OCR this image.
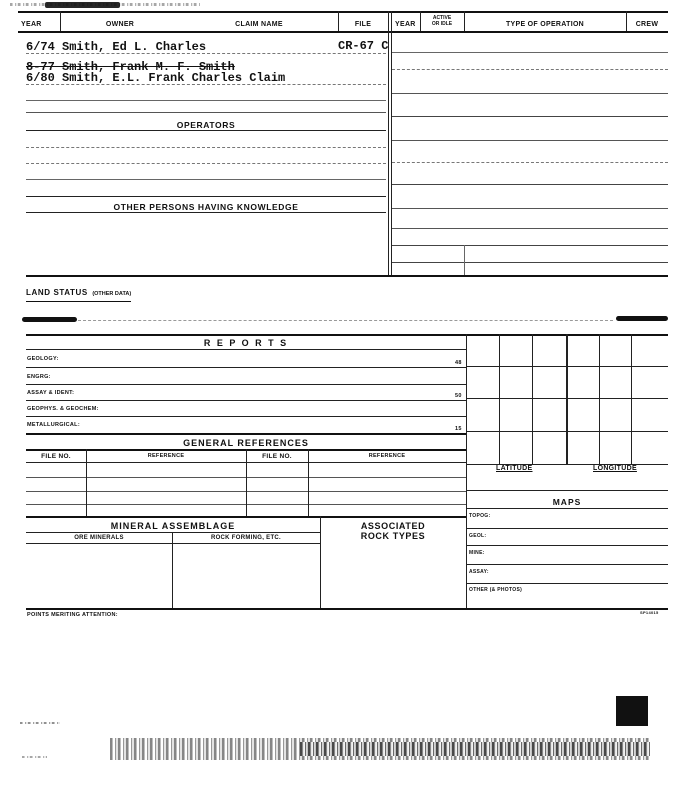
YEAR	OWNER	CLAIM NAME	FILE	YEAR
ACTIVE
OR IDLE	TYPE OF OPERATION	CREW
6/74 Smith, Ed L. Charles	CR-67 C
8-77 Smith, Frank M. F. Smith
6/80 Smith, E.L. Frank Charles Claim
OPERATORS
OTHER PERSONS HAVING KNOWLEDGE
LAND STATUS (OTHER DATA)
R E P O R T S
GEOLOGY:
48
ENGRG:
ASSAY & IDENT:	50
GEOPHYS. & GEOCHEM:
METALLURGICAL:
15
GENERAL REFERENCES
FILE NO.	REFERENCE	FILE NO.	REFERENCE
MINERAL ASSEMBLAGE
ORE MINERALS	ROCK FORMING, ETC.
ASSOCIATED
ROCK TYPES
LATITUDE	LONGITUDE
MAPS
TOPOG:
GEOL:
MINE:
ASSAY:
OTHER (& PHOTOS)
POINTS MERITING ATTENTION:	SP14015
